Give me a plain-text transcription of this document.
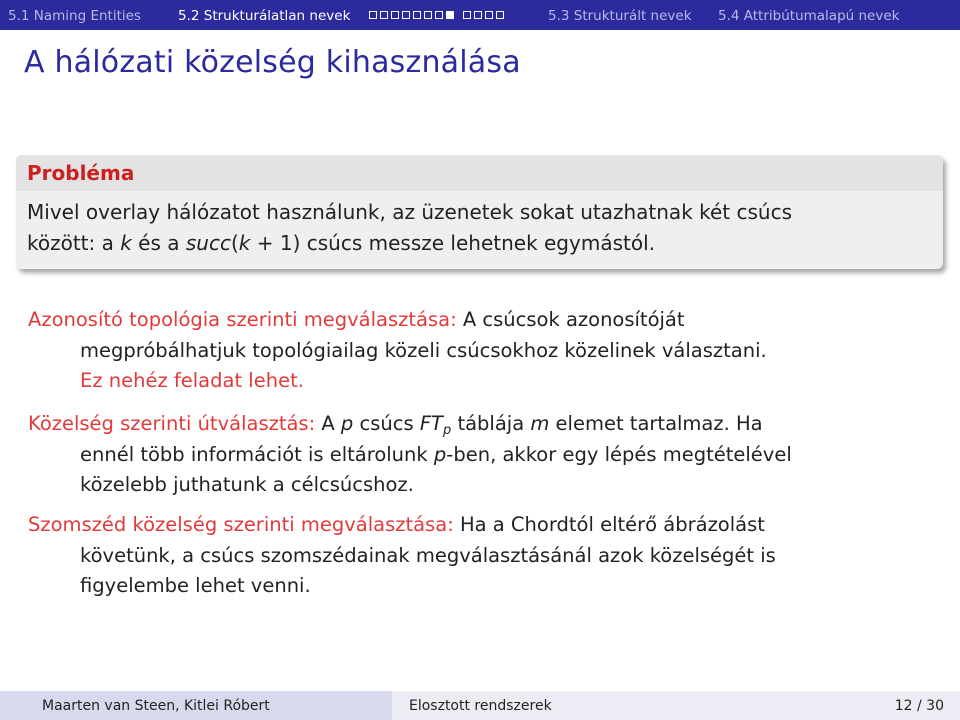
5.1 Naming Entities	5.2 Strukturálatlan nevek	5.3 Strukturált nevek 5.4 Attribútumalapú nevek
A hálózati közelség kihasználása
Probléma
Mivel overlay hálózatot használunk, az üzenetek sokat utazhatnak két csúcs
között: a k és a succ(k + 1) csúcs messze lehetnek egymástól.
Azonosító topológia szerinti megválasztása: A csúcsok azonosítóját
megpróbálhatjuk topológiailag közeli csúcsokhoz közelinek választani.
Ez nehéz feladat lehet.
Közelség szerinti útválasztás: A p csúcs $FT_p$ táblája m elemet tartalmaz. Ha
ennél több információt is eltárolunk p-ben, akkor egy lépés megtételével
közelebb juthatunk a célcsúcshoz.
Szomszéd közelség szerinti megválasztása: Ha a Chordtól eltérő ábrázolást
követünk, a csúcs szomszédainak megválasztásánál azok közelségét is
figyelembe lehet venni.
Maarten van Steen, Kitlei Róbert	Elosztott rendszerek	12 / 30
